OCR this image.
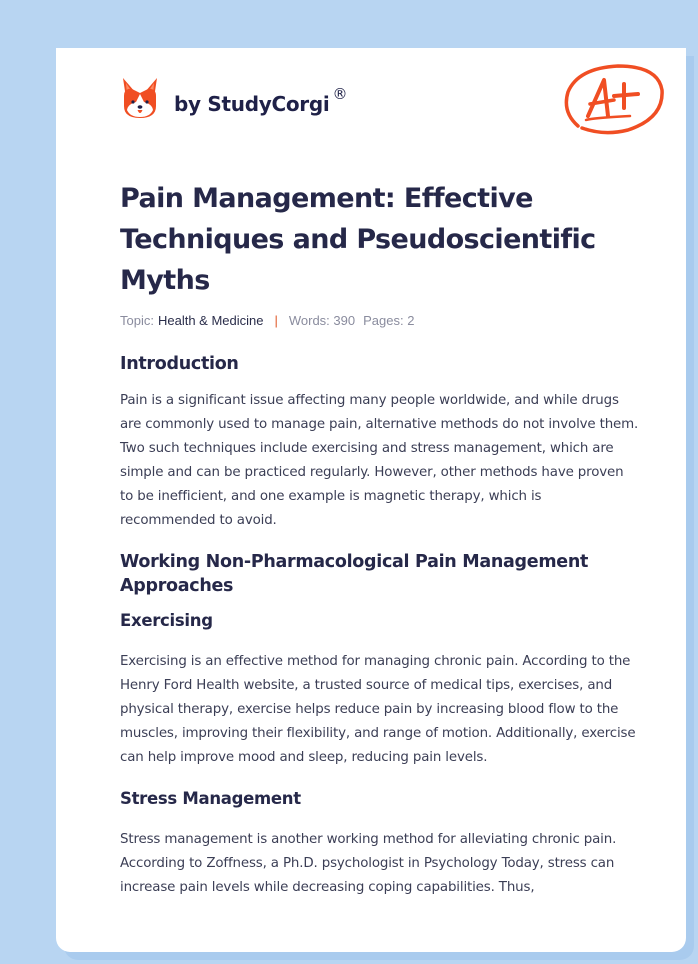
by StudyCorgi ®
Pain Management: Effective Techniques and Pseudoscientific Myths
Topic: Health & Medicine | Words: 390 Pages: 2
Introduction

Pain is a significant issue affecting many people worldwide, and while drugs are commonly used to manage pain, alternative methods do not involve them. Two such techniques include exercising and stress management, which are simple and can be practiced regularly. However, other methods have proven to be inefficient, and one example is magnetic therapy, which is recommended to avoid.

Working Non-Pharmacological Pain Management Approaches
Exercising

Exercising is an effective method for managing chronic pain. According to the Henry Ford Health website, a trusted source of medical tips, exercises, and physical therapy, exercise helps reduce pain by increasing blood flow to the muscles, improving their flexibility, and range of motion. Additionally, exercise can help improve mood and sleep, reducing pain levels.

Stress Management

Stress management is another working method for alleviating chronic pain. According to Zoffness, a Ph.D. psychologist in Psychology Today, stress can increase pain levels while decreasing coping capabilities. Thus,
